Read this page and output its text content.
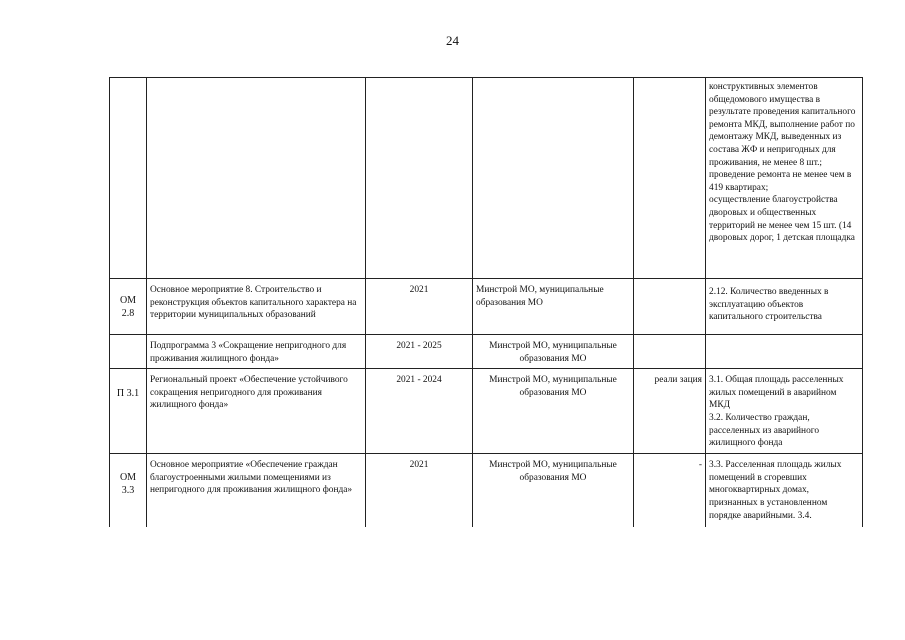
24
					конструктивных элементов общедомового имущества в результате проведения капитального ремонта МКД, выполнение работ по демонтажу МКД, выведенных из состава ЖФ и непригодных для проживания, не менее 8 шт.;
проведение ремонта не менее чем в 419 квартирах;
осуществление благоустройства дворовых и общественных территорий не менее чем 15 шт. (14 дворовых дорог, 1 детская площадка
ОМ 2.8	Основное мероприятие 8. Строительство и реконструкция объектов капитального характера на территории муниципальных образований	2021	Минстрой МО, муниципальные образования МО		2.12. Количество введенных в эксплуатацию объектов капитального строительства
	Подпрограмма 3 «Сокращение непригодного для проживания жилищного фонда»	2021 - 2025	Минстрой МО, муниципальные образования МО		
П 3.1	Региональный проект «Обеспечение устойчивого сокращения непригодного для проживания жилищного фонда»	2021 - 2024	Минстрой МО, муниципальные образования МО	реали зация	3.1. Общая площадь расселенных жилых помещений в аварийном МКД
3.2. Количество граждан, расселенных из аварийного жилищного фонда
ОМ 3.3	Основное мероприятие «Обеспечение граждан благоустроенными жилыми помещениями из непригодного для проживания жилищного фонда»	2021	Минстрой МО, муниципальные образования МО	-	3.3. Расселенная площадь жилых помещений в сгоревших многоквартирных домах, признанных в установленном порядке аварийными. 3.4.
